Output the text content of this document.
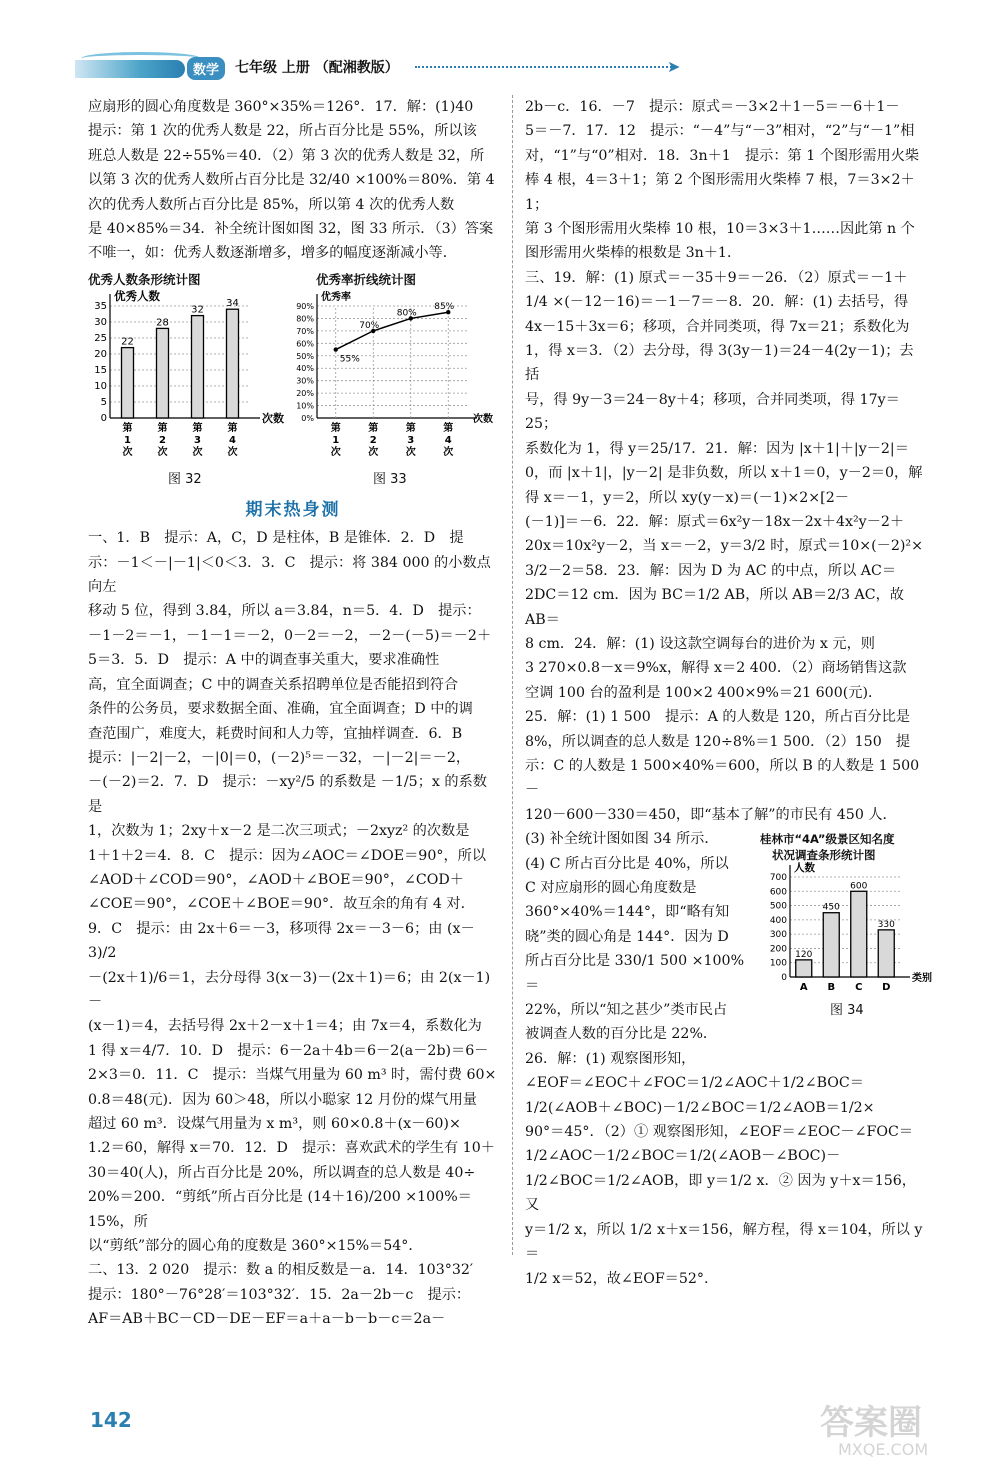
数学	七年级 上册 （配湘教版）	➤

应扇形的圆心角度数是 360°×35%＝126°．17．解：(1)40

提示：第 1 次的优秀人数是 22，所占百分比是 55%，所以该

班总人数是 22÷55%＝40．（2）第 3 次的优秀人数是 32，所

以第 3 次的优秀人数所占百分比是 32/40 ×100%＝80%．第 4

次的优秀人数所占百分比是 85%，所以第 4 次的优秀人数

是 40×85%＝34．补全统计图如图 32，图 33 所示．（3）答案

不唯一，如：优秀人数逐渐增多，增多的幅度逐渐减小等．

优秀人数条形统计图	优秀率折线统计图
0
5
10
15
20
25
30
35
优秀人数
次数
22
第
1
次
28
第
2
次
32
第
3
次
34
第
4
次
0%
10%
20%
30%
40%
50%
60%
70%
80%
90%
优秀率
次数
55%
第
1
次
70%
第
2
次
80%
第
3
次
85%
第
4
次
图 32	图 33
期末热身测

一、1．B　提示：A，C，D 是柱体，B 是锥体．2．D　提

示：－1＜－|－1|＜0＜3．3．C　提示：将 384 000 的小数点向左

移动 5 位，得到 3.84，所以 a＝3.84，n＝5．4．D　提示：

－1－2＝－1，－1－1＝－2，0－2＝－2，－2－(－5)＝－2＋

5＝3．5．D　提示：A 中的调查事关重大，要求准确性

高，宜全面调查；C 中的调查关系招聘单位是否能招到符合

条件的公务员，要求数据全面、准确，宜全面调查；D 中的调

查范围广，难度大，耗费时间和人力等，宜抽样调查．6．B

提示：|－2|－2，－|0|＝0，(－2)⁵＝－32，－|－2|＝－2，

－(－2)＝2．7．D　提示：－xy²/5 的系数是 －1/5；x 的系数是

1，次数为 1；2xy＋x－2 是二次三项式；－2xyz² 的次数是

1＋1＋2＝4．8．C　提示：因为∠AOC＝∠DOE＝90°，所以

∠AOD＋∠COD＝90°，∠AOD＋∠BOE＝90°，∠COD＋

∠COE＝90°，∠COE＋∠BOE＝90°．故互余的角有 4 对．

9．C　提示：由 2x＋6＝－3，移项得 2x＝－3－6；由 (x－3)/2

－(2x＋1)/6＝1，去分母得 3(x－3)－(2x＋1)＝6；由 2(x－1)－

(x－1)＝4，去括号得 2x＋2－x＋1＝4；由 7x＝4，系数化为

1 得 x＝4/7．10．D　提示：6－2a＋4b＝6－2(a－2b)＝6－

2×3＝0．11．C　提示：当煤气用量为 60 m³ 时，需付费 60×

0.8＝48(元)．因为 60＞48，所以小聪家 12 月份的煤气用量

超过 60 m³．设煤气用量为 x m³，则 60×0.8＋(x－60)×

1.2＝60，解得 x＝70．12．D　提示：喜欢武术的学生有 10＋

30＝40(人)，所占百分比是 20%，所以调查的总人数是 40÷

20%＝200．“剪纸”所占百分比是 (14＋16)/200 ×100%＝15%，所

以“剪纸”部分的圆心角的度数是 360°×15%＝54°．

二、13．2 020　提示：数 a 的相反数是－a．14．103°32′

提示：180°－76°28′＝103°32′．15．2a－2b－c　提示：

AF＝AB＋BC－CD－DE－EF＝a＋a－b－b－c＝2a－

2b－c．16．－7　提示：原式＝－3×2＋1－5＝－6＋1－

5＝－7．17．12　提示：“－4”与“－3”相对，“2”与“－1”相

对，“1”与“0”相对．18．3n＋1　提示：第 1 个图形需用火柴

棒 4 根，4＝3＋1；第 2 个图形需用火柴棒 7 根，7＝3×2＋1；

第 3 个图形需用火柴棒 10 根，10＝3×3＋1……因此第 n 个

图形需用火柴棒的根数是 3n＋1．

三、19．解：(1) 原式＝－35＋9＝－26．（2）原式＝－1＋

1/4 ×(－12－16)＝－1－7＝－8．20．解：(1) 去括号，得

4x－15＋3x＝6；移项，合并同类项，得 7x＝21；系数化为

1，得 x＝3．（2）去分母，得 3(3y－1)＝24－4(2y－1)；去括

号，得 9y－3＝24－8y＋4；移项，合并同类项，得 17y＝25；

系数化为 1，得 y＝25/17．21．解：因为 |x＋1|＋|y－2|＝

0，而 |x＋1|，|y－2| 是非负数，所以 x＋1＝0，y－2＝0，解

得 x＝－1，y＝2，所以 xy(y－x)＝(－1)×2×[2－

(－1)]＝－6．22．解：原式＝6x²y－18x－2x＋4x²y－2＋

20x＝10x²y－2，当 x＝－2，y＝3/2 时，原式＝10×(－2)²×

3/2－2＝58．23．解：因为 D 为 AC 的中点，所以 AC＝

2DC＝12 cm．因为 BC＝1/2 AB，所以 AB＝2/3 AC，故 AB＝

8 cm．24．解：(1) 设这款空调每台的进价为 x 元，则

3 270×0.8－x＝9%x，解得 x＝2 400．（2）商场销售这款

空调 100 台的盈利是 100×2 400×9%＝21 600(元)．

25．解：(1) 1 500　提示：A 的人数是 120，所占百分比是

8%，所以调查的总人数是 120÷8%＝1 500．（2）150　提

示：C 的人数是 1 500×40%＝600，所以 B 的人数是 1 500－

120－600－330＝450，即“基本了解”的市民有 450 人．

桂林市“4A”级景区知名度
状况调查条形统计图
0
100
200
300
400
500
600
700
人数
类别
120
A
450
B
600
C
330
D
图 34

(3) 补全统计图如图 34 所示．

(4) C 所占百分比是 40%，所以

C 对应扇形的圆心角度数是

360°×40%＝144°，即“略有知

晓”类的圆心角是 144°．因为 D

所占百分比是 330/1 500 ×100%＝

22%，所以“知之甚少”类市民占

被调查人数的百分比是 22%．

26．解：(1) 观察图形知，

∠EOF＝∠EOC＋∠FOC＝1/2∠AOC＋1/2∠BOC＝

1/2(∠AOB＋∠BOC)－1/2∠BOC＝1/2∠AOB＝1/2×

90°＝45°．（2）① 观察图形知，∠EOF＝∠EOC－∠FOC＝

1/2∠AOC－1/2∠BOC＝1/2(∠AOB－∠BOC)－

1/2∠BOC＝1/2∠AOB，即 y＝1/2 x．② 因为 y＋x＝156，又

y＝1/2 x，所以 1/2 x＋x＝156，解方程，得 x＝104，所以 y＝

1/2 x＝52，故∠EOF＝52°.

142	答案圈
MXQE.COM
